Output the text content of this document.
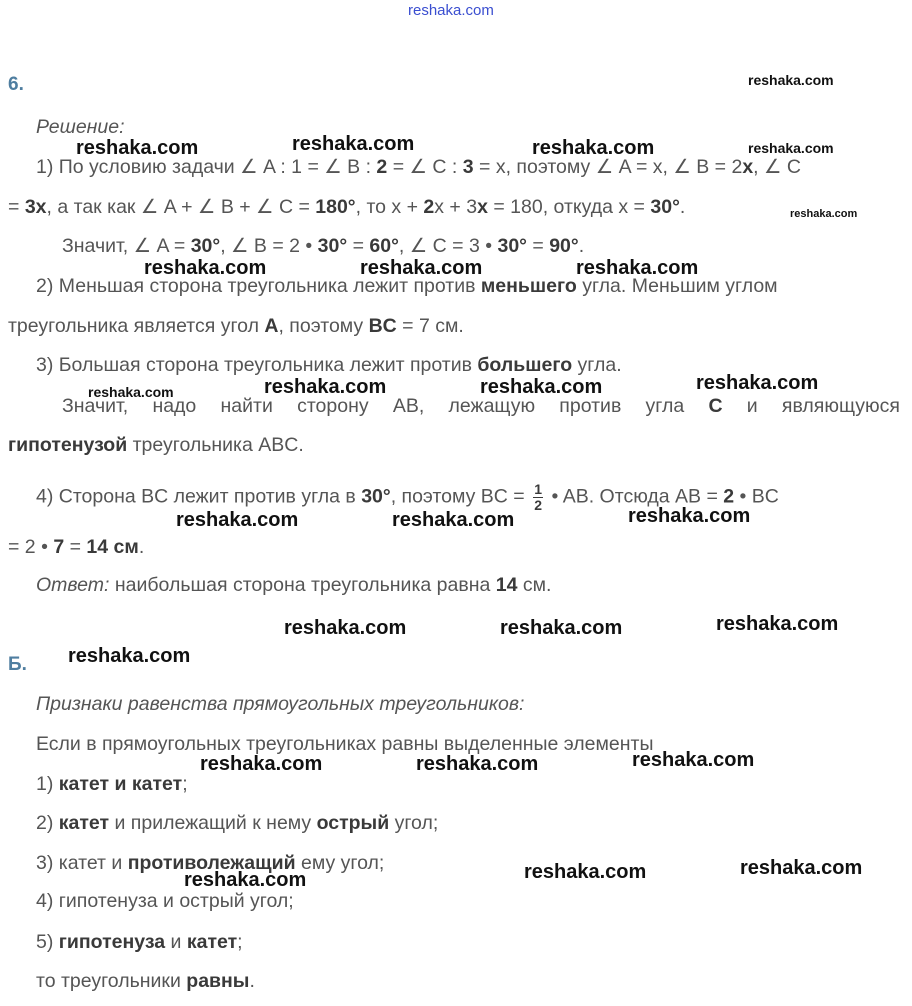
reshaka.com
6.
Решение:
1) По условию задачи ∠ A : 1 = ∠ B : 2 = ∠ C : 3 = x, поэтому ∠ A = x, ∠ B = 2x, ∠ C
= 3x, а так как ∠ A + ∠ B + ∠ C = 180°, то x + 2x + 3x = 180, откуда x = 30°.
Значит, ∠ A = 30°, ∠ B = 2 • 30° = 60°, ∠ C = 3 • 30° = 90°.
2) Меньшая сторона треугольника лежит против меньшего угла. Меньшим углом
треугольника является угол A, поэтому BC = 7 см.
3) Большая сторона треугольника лежит против большего угла.
Значит, надо найти сторону AB, лежащую против угла C и являющуюся
гипотенузой треугольника ABC.
4) Сторона BC лежит против угла в 30°, поэтому BC = $\frac{1}{2}$ • AB. Отсюда AB = 2 • BC
= 2 • 7 = 14 см.
Ответ: наибольшая сторона треугольника равна 14 см.
Б.
Признаки равенства прямоугольных треугольников:
Если в прямоугольных треугольниках равны выделенные элементы
1) катет и катет;
2) катет и прилежащий к нему острый угол;
3) катет и противолежащий ему угол;
4) гипотенуза и острый угол;
5) гипотенуза и катет;
то треугольники равны.
reshaka.com
reshaka.com	reshaka.com	reshaka.com	reshaka.com
reshaka.com
reshaka.com	reshaka.com	reshaka.com
reshaka.com	reshaka.com	reshaka.com	reshaka.com
reshaka.com	reshaka.com	reshaka.com
reshaka.com	reshaka.com	reshaka.com
reshaka.com
reshaka.com	reshaka.com	reshaka.com
reshaka.com	reshaka.com	reshaka.com
